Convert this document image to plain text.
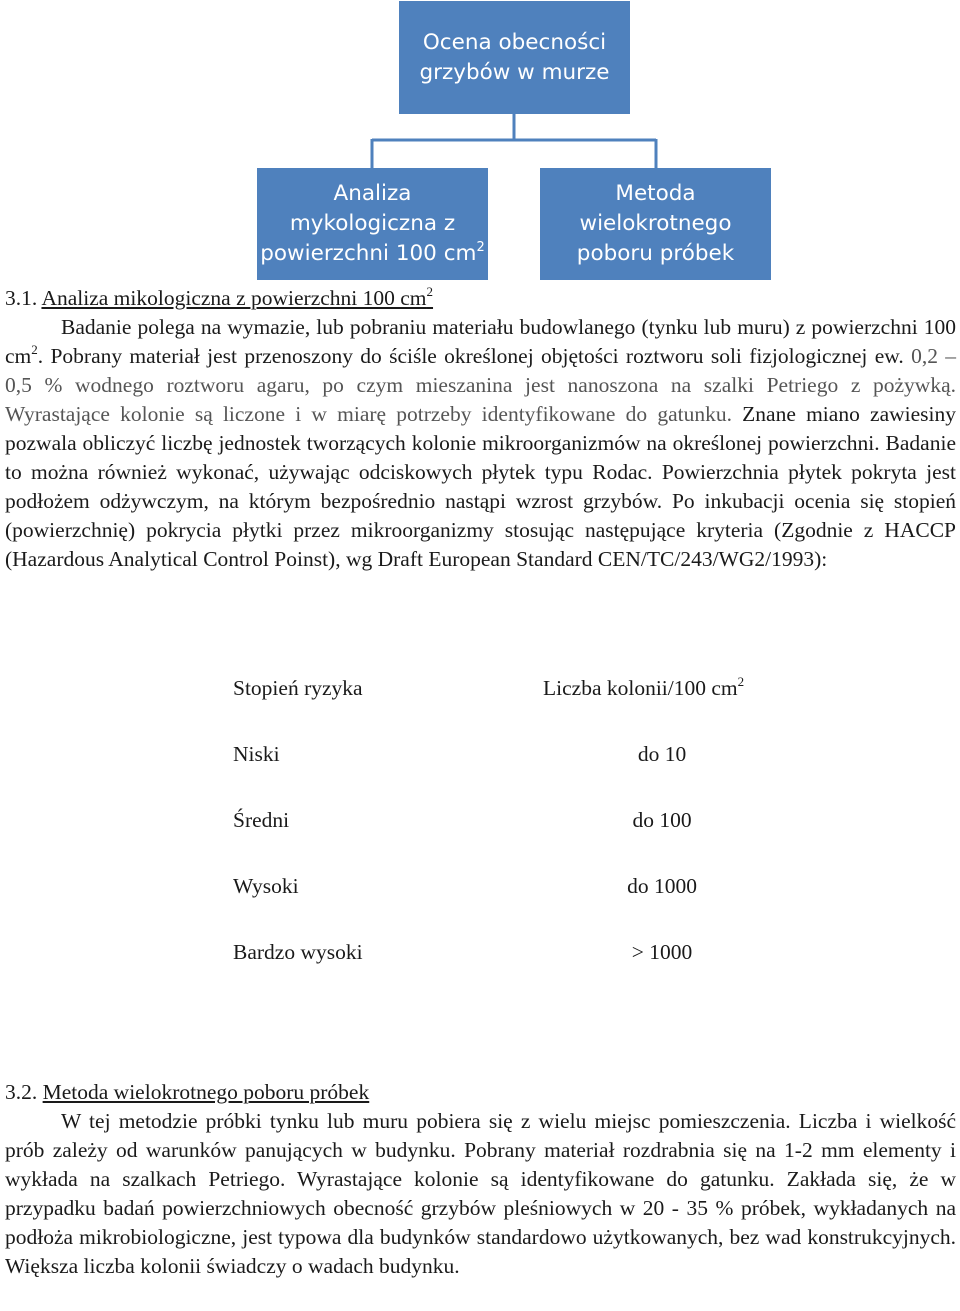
Ocena obecności
grzybów w murze
Analiza
mykologiczna z
powierzchni 100 $cm^2$
Metoda
wielokrotnego
poboru próbek

3.1. Analiza mikologiczna z powierzchni 100 $cm^2$

Badanie polega na wymazie, lub pobraniu materiału budowlanego (tynku lub muru) z powierzchni 100 $cm^2$. Pobrany materiał jest przenoszony do ściśle określonej objętości roztworu soli fizjologicznej ew. 0,2 – 0,5 % wodnego roztworu agaru, po czym mieszanina jest nanoszona na szalki Petriego z pożywką. Wyrastające kolonie są liczone i w miarę potrzeby identyfikowane do gatunku. Znane miano zawiesiny pozwala obliczyć liczbę jednostek tworzących kolonie mikroorganizmów na określonej powierzchni. Badanie to można również wykonać, używając odciskowych płytek typu Rodac. Powierzchnia płytek pokryta jest podłożem odżywczym, na którym bezpośrednio nastąpi wzrost grzybów. Po inkubacji ocenia się stopień (powierzchnię) pokrycia płytki przez mikroorganizmy stosując następujące kryteria (Zgodnie z HACCP (Hazardous Analytical Control Poinst), wg Draft European Standard CEN/TC/243/WG2/1993):

Stopień ryzyka	Liczba kolonii/100 $cm^2$
Niski	do 10
Średni	do 100
Wysoki	do 1000
Bardzo wysoki	> 1000

3.2. Metoda wielokrotnego poboru próbek

W tej metodzie próbki tynku lub muru pobiera się z wielu miejsc pomieszczenia. Liczba i wielkość prób zależy od warunków panujących w budynku. Pobrany materiał rozdrabnia się na 1-2 mm elementy i wykłada na szalkach Petriego. Wyrastające kolonie są identyfikowane do gatunku. Zakłada się, że w przypadku badań powierzchniowych obecność grzybów pleśniowych w 20 - 35 % próbek, wykładanych na podłoża mikrobiologiczne, jest typowa dla budynków standardowo użytkowanych, bez wad konstrukcyjnych. Większa liczba kolonii świadczy o wadach budynku.
